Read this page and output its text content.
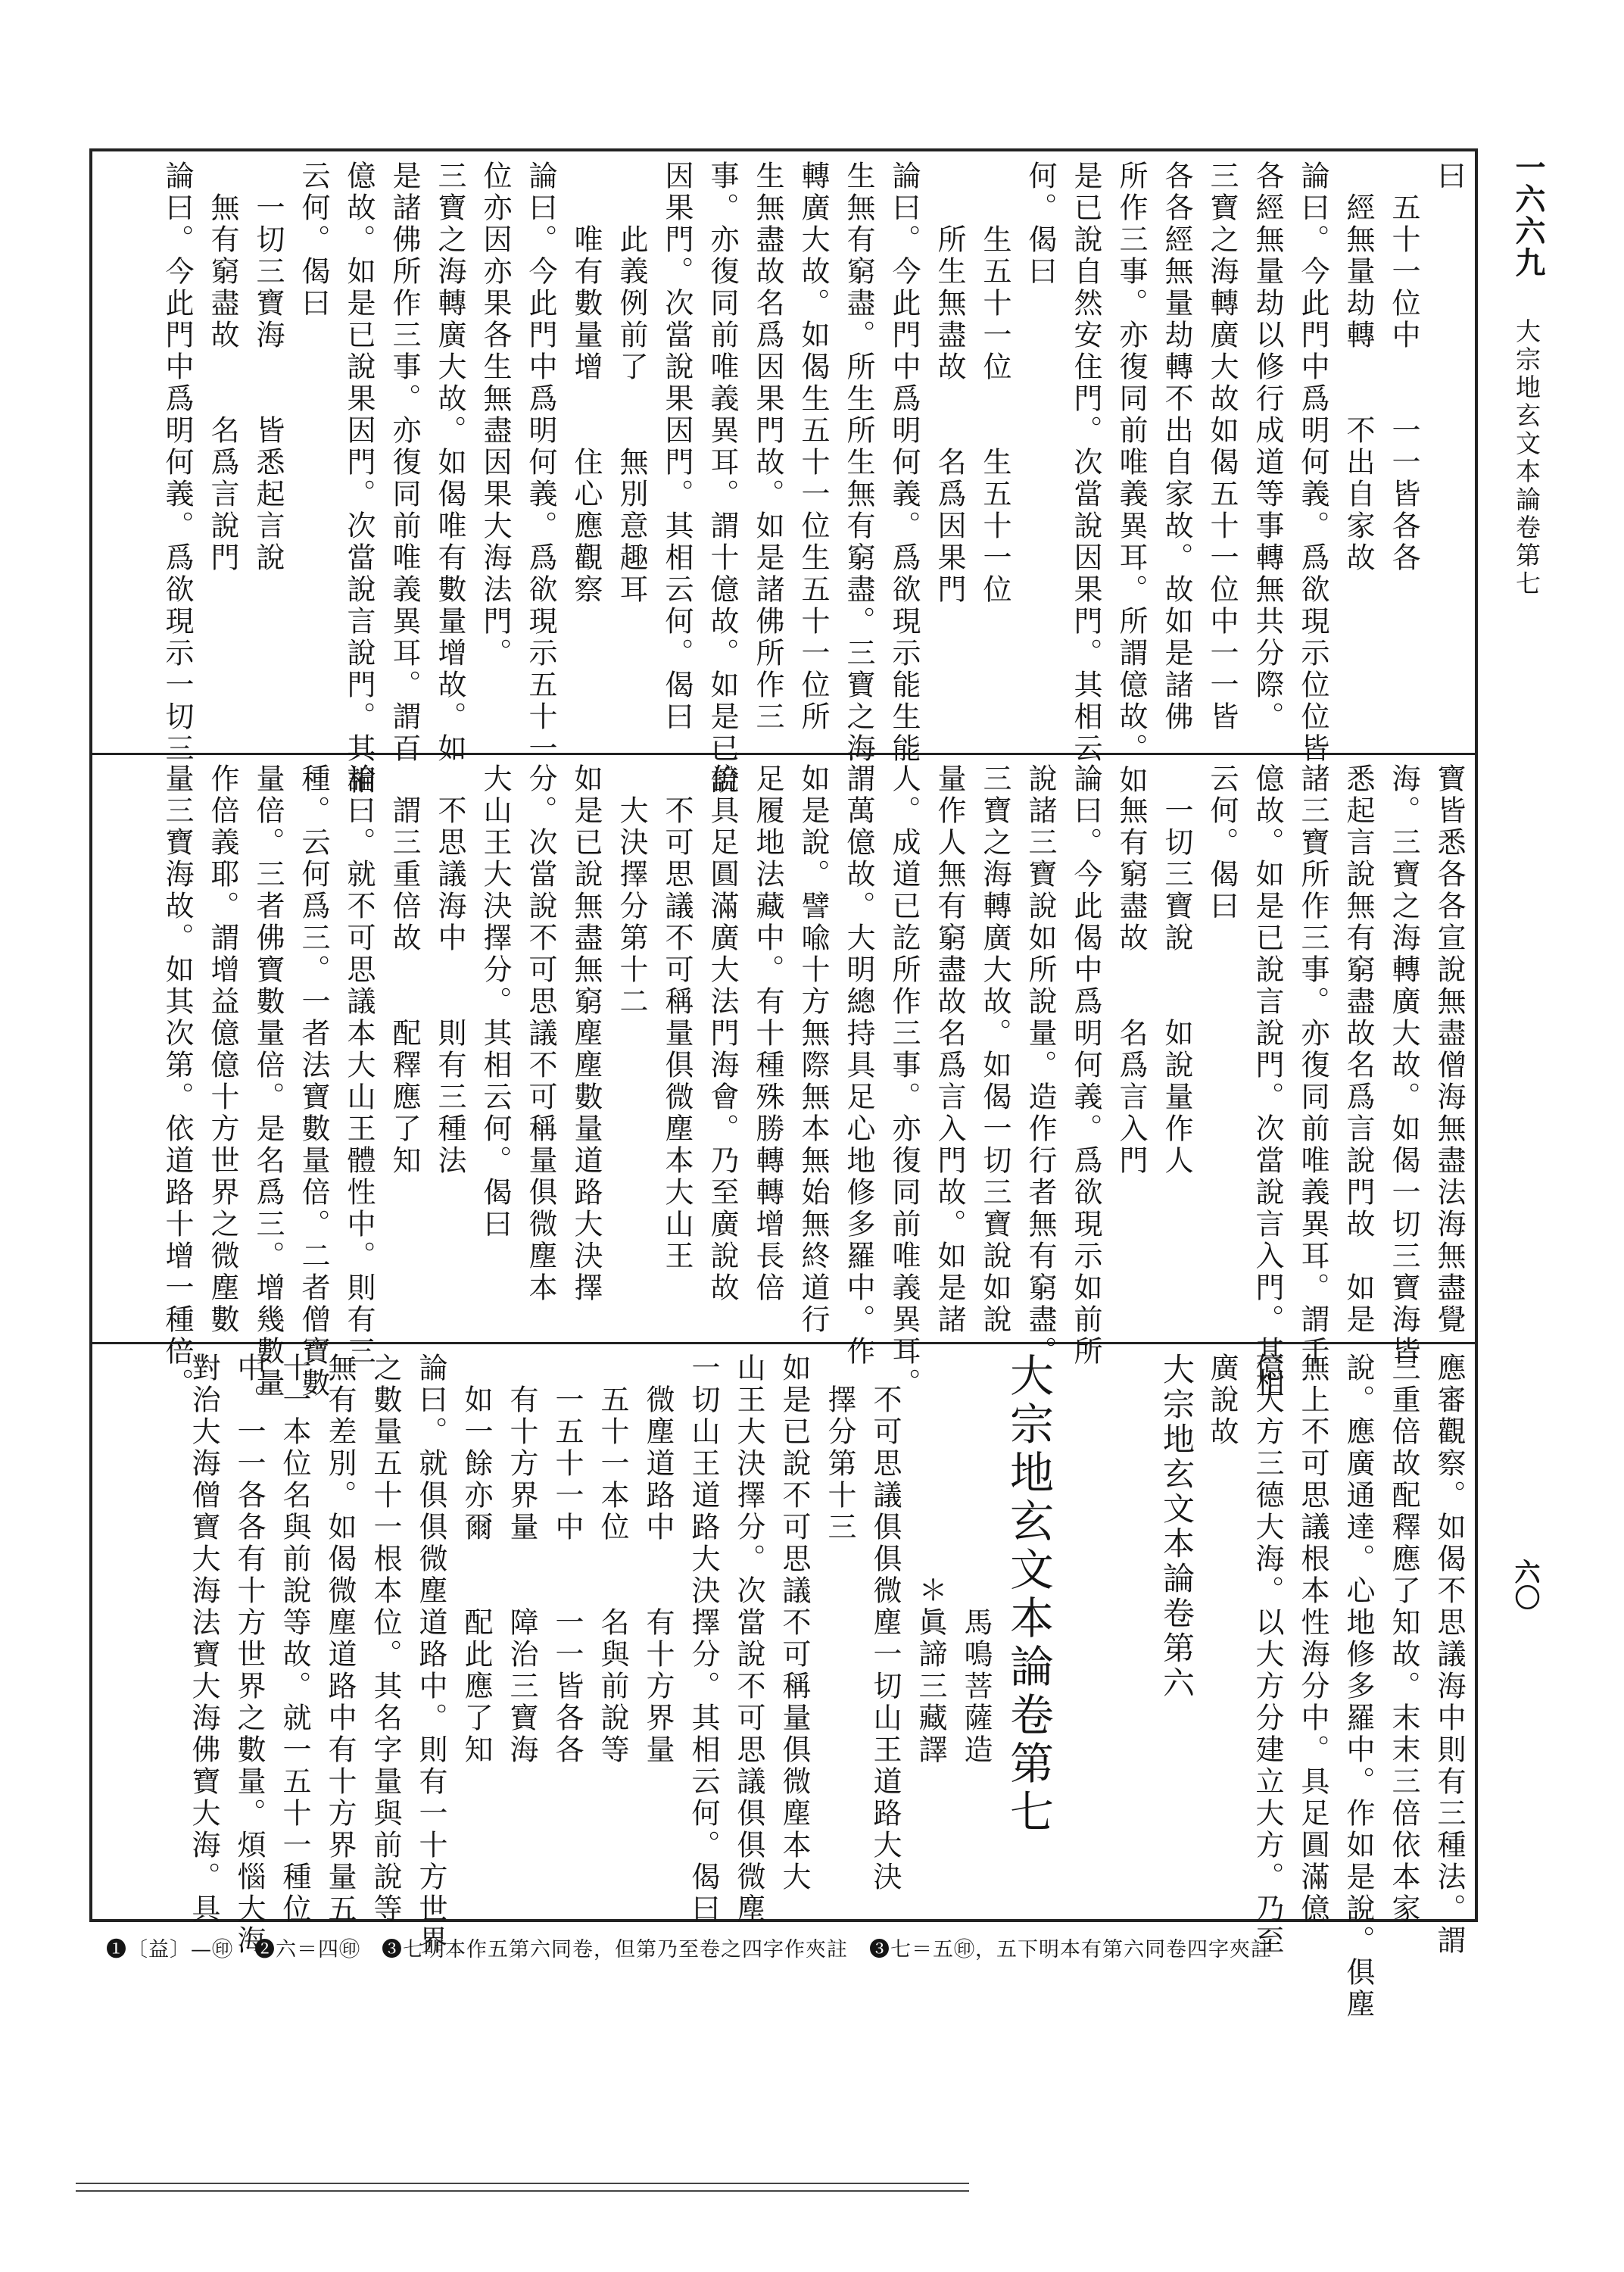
一六六九
大宗地玄文本論卷第七
六〇
曰
　五十一位中　　一一皆各各
　經無量劫轉　　不出自家故
論曰。今此門中爲明何義。爲欲現示位位皆
各經無量劫以修行成道等事轉無共分際。
三寶之海轉廣大故如偈五十一位中一一皆
各各經無量劫轉不出自家故。故如是諸佛
所作三事。亦復同前唯義異耳。所謂億故。如
是已說自然安住門。次當說因果門。其相云
何。偈曰
　　生五十一位　　生五十一位
　　所生無盡故　　名爲因果門
論曰。今此門中爲明何義。爲欲現示能生能
生無有窮盡。所生所生無有窮盡。三寶之海
轉廣大故。如偈生五十一位生五十一位所
生無盡故名爲因果門故。如是諸佛所作三
事。亦復同前唯義異耳。謂十億故。如是已說
因果門。次當說果因門。其相云何。偈曰
　　此義例前了　　無別意趣耳
　　唯有數量增　　住心應觀察
論曰。今此門中爲明何義。爲欲現示五十一
位亦因亦果各生無盡因果大海法門。
三寶之海轉廣大故。如偈唯有數量增故。如
是諸佛所作三事。亦復同前唯義異耳。謂百
億故。如是已說果因門。次當說言說門。其相
云何。偈曰
　一切三寶海　　皆悉起言說
　無有窮盡故　　名爲言說門
論曰。今此門中爲明何義。爲欲現示一切三
寶皆悉各各宣說無盡僧海無盡法海無盡覺
海。三寶之海轉廣大故。如偈一切三寶海皆
悉起言說無有窮盡故名爲言說門故　如是
諸三寶所作三事。亦復同前唯義異耳。謂千
億故。如是已說言說門。次當說言入門。其相
云何。偈曰
　一切三寶說　　如說量作人
　無有窮盡故　　名爲言入門
論曰。今此偈中爲明何義。爲欲現示如前所
說諸三寶說如所說量。造作行者無有窮盡。
三寶之海轉廣大故。如偈一切三寶說如說
量作人無有窮盡故名爲言入門故。如是諸
人。成道已訖所作三事。亦復同前唯義異耳。
謂萬億故。大明總持具足心地修多羅中。作
如是說。譬喩十方無際無本無始無終道行
足履地法藏中。有十種殊勝轉轉增長倍
倍具足圓滿廣大法門海會。乃至廣說故
　不可思議不可稱量俱微塵本大山王
　大決擇分第十二
如是已說無盡無窮塵塵數量道路大決擇
分。次當說不可思議不可稱量俱微塵本
大山王大決擇分。其相云何。偈曰
　不思議海中　　則有三種法
　謂三重倍故　　配釋應了知
論曰。就不可思議本大山王體性中。則有三
種。云何爲三。一者法寶數量倍。二者僧寶數
量倍。三者佛寶數量倍。是名爲三。增幾數量
作倍義耶。謂增益億億十方世界之微塵數
量三寶海故。如其次第。依道路十增一種倍。
應審觀察。如偈不思議海中則有三種法。謂
三重倍故配釋應了知故。末末三倍依本家
說。應廣通達。心地修多羅中。作如是說。俱塵
無上不可思議根本性海分中。具足圓滿億
億大方三德大海。以大方分建立大方。乃至
廣說故
大宗地玄文本論卷第六
大宗地玄文本論卷第七
　　　　　　　　馬鳴菩薩造
　　　　　　　＊眞諦三藏譯
　不可思議俱俱微塵一切山王道路大決
　擇分第十三
如是已說不可思議不可稱量俱微塵本大
山王大決擇分。次當說不可思議俱俱微塵
一切山王道路大決擇分。其相云何。偈曰
　微塵道路中　　有十方界量
　五十一本位　　名與前說等
　一五十一中　　一一皆各各
　有十方界量　　障治三寶海
　如一餘亦爾　　配此應了知
論曰。就俱俱微塵道路中。則有一十方世界
之數量五十一根本位。其名字量與前說等
無有差別。如偈微塵道路中有十方界量五
十一本位名與前說等故。就一五十一種位
中。一一各各有十方世界之數量。煩惱大海
對治大海僧寶大海法寶大海佛寶大海。具
❶〔益〕—㊞　❷六＝四㊞　❸七明本作五第六同卷，但第乃至卷之四字作夾註　❸七＝五㊞，五下明本有第六同卷四字夾註
